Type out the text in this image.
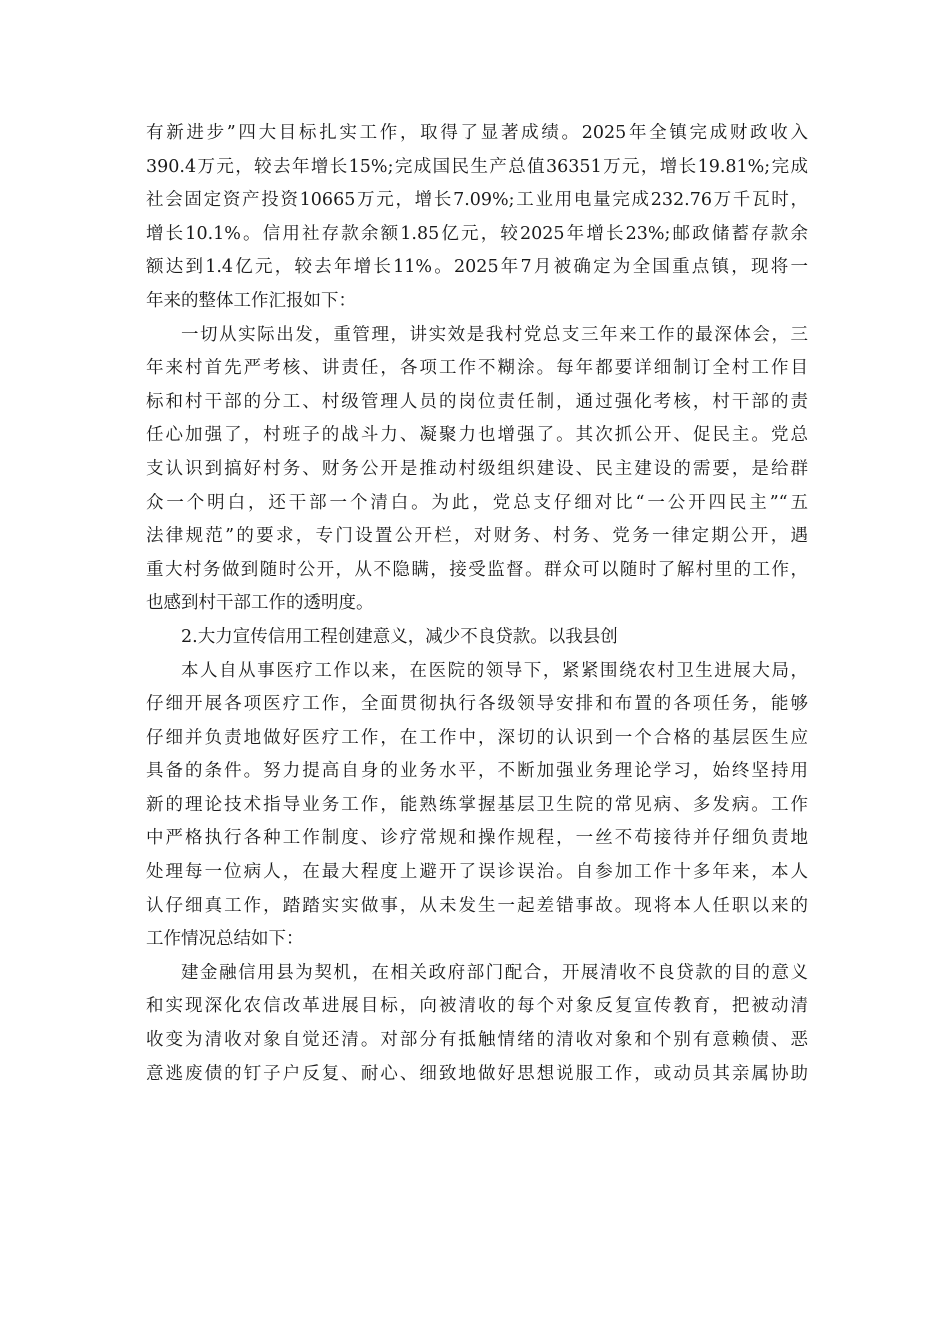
有新进步”四大目标扎实工作，取得了显著成绩。2025年全镇完成财政收入
390.4万元，较去年增长15%;完成国民生产总值36351万元，增长19.81%;完成
社会固定资产投资10665万元，增长7.09%;工业用电量完成232.76万千瓦时，
增长10.1%。信用社存款余额1.85亿元，较2025年增长23%;邮政储蓄存款余
额达到1.4亿元，较去年增长11%。2025年7月被确定为全国重点镇，现将一
年来的整体工作汇报如下：
一切从实际出发，重管理，讲实效是我村党总支三年来工作的最深体会，三
年来村首先严考核、讲责任，各项工作不糊涂。每年都要详细制订全村工作目
标和村干部的分工、村级管理人员的岗位责任制，通过强化考核，村干部的责
任心加强了，村班子的战斗力、凝聚力也增强了。其次抓公开、促民主。党总
支认识到搞好村务、财务公开是推动村级组织建设、民主建设的需要，是给群
众一个明白，还干部一个清白。为此，党总支仔细对比“一公开四民主”“五
法律规范”的要求，专门设置公开栏，对财务、村务、党务一律定期公开，遇
重大村务做到随时公开，从不隐瞒，接受监督。群众可以随时了解村里的工作，
也感到村干部工作的透明度。
2.大力宣传信用工程创建意义，减少不良贷款。以我县创
本人自从事医疗工作以来，在医院的领导下，紧紧围绕农村卫生进展大局，
仔细开展各项医疗工作，全面贯彻执行各级领导安排和布置的各项任务，能够
仔细并负责地做好医疗工作，在工作中，深切的认识到一个合格的基层医生应
具备的条件。努力提高自身的业务水平，不断加强业务理论学习，始终坚持用
新的理论技术指导业务工作，能熟练掌握基层卫生院的常见病、多发病。工作
中严格执行各种工作制度、诊疗常规和操作规程，一丝不苟接待并仔细负责地
处理每一位病人，在最大程度上避开了误诊误治。自参加工作十多年来，本人
认仔细真工作，踏踏实实做事，从未发生一起差错事故。现将本人任职以来的
工作情况总结如下：
建金融信用县为契机，在相关政府部门配合，开展清收不良贷款的目的意义
和实现深化农信改革进展目标，向被清收的每个对象反复宣传教育，把被动清
收变为清收对象自觉还清。对部分有抵触情绪的清收对象和个别有意赖债、恶
意逃废债的钉子户反复、耐心、细致地做好思想说服工作，或动员其亲属协助
